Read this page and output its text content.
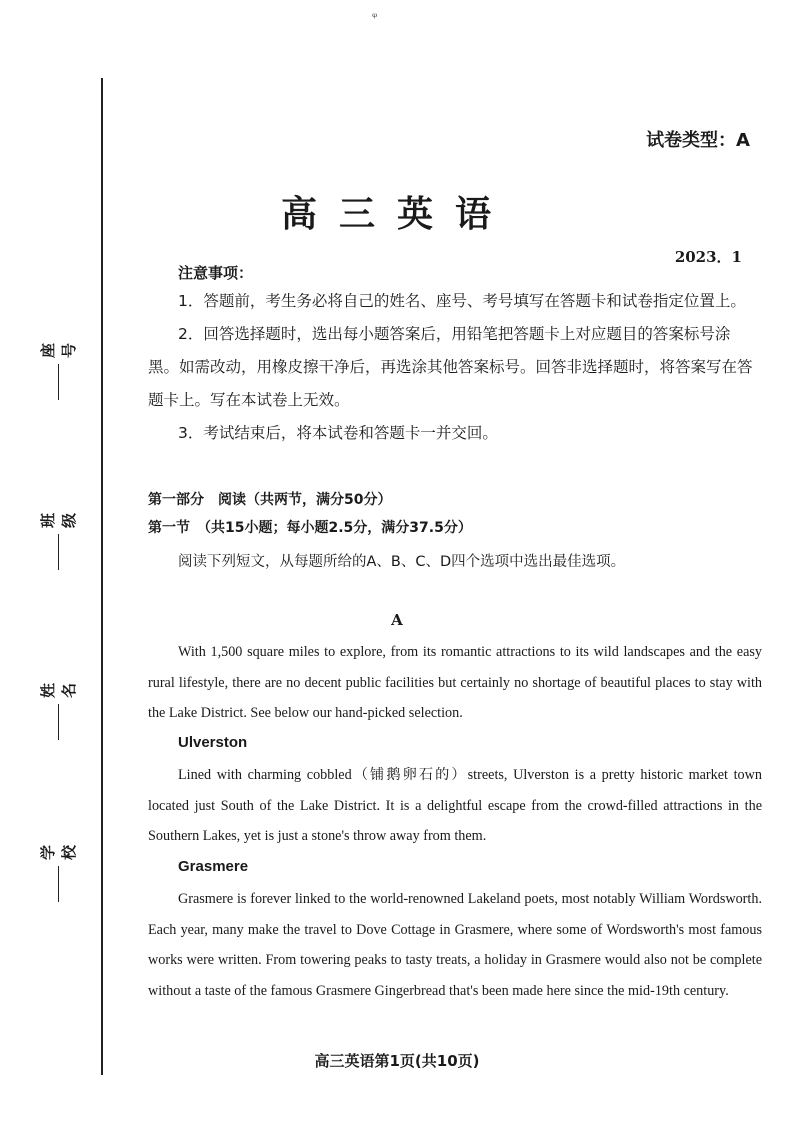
ᵠ
座号
班级
姓名
学校
试卷类型：A
高三英语
2023．1
注意事项：
1．答题前，考生务必将自己的姓名、座号、考号填写在答题卡和试卷指定位置上。
2．回答选择题时，选出每小题答案后，用铅笔把答题卡上对应题目的答案标号涂黑。如需改动，用橡皮擦干净后，再选涂其他答案标号。回答非选择题时，将答案写在答题卡上。写在本试卷上无效。
3．考试结束后，将本试卷和答题卡一并交回。
第一部分　阅读（共两节，满分50分）
第一节　（共15小题；每小题2.5分，满分37.5分）
阅读下列短文，从每题所给的A、B、C、D四个选项中选出最佳选项。
A
With 1,500 square miles to explore, from its romantic attractions to its wild landscapes and the easy rural lifestyle, there are no decent public facilities but certainly no shortage of beautiful places to stay with the Lake District. See below our hand-picked selection.
Ulverston
Lined with charming cobbled（铺鹅卵石的）streets, Ulverston is a pretty historic market town located just South of the Lake District. It is a delightful escape from the crowd-filled attractions in the Southern Lakes, yet is just a stone's throw away from them.
Grasmere
Grasmere is forever linked to the world-renowned Lakeland poets, most notably William Wordsworth. Each year, many make the travel to Dove Cottage in Grasmere, where some of Wordsworth's most famous works were written. From towering peaks to tasty treats, a holiday in Grasmere would also not be complete without a taste of the famous Grasmere Gingerbread that's been made here since the mid-19th century.
高三英语第1页(共10页)
